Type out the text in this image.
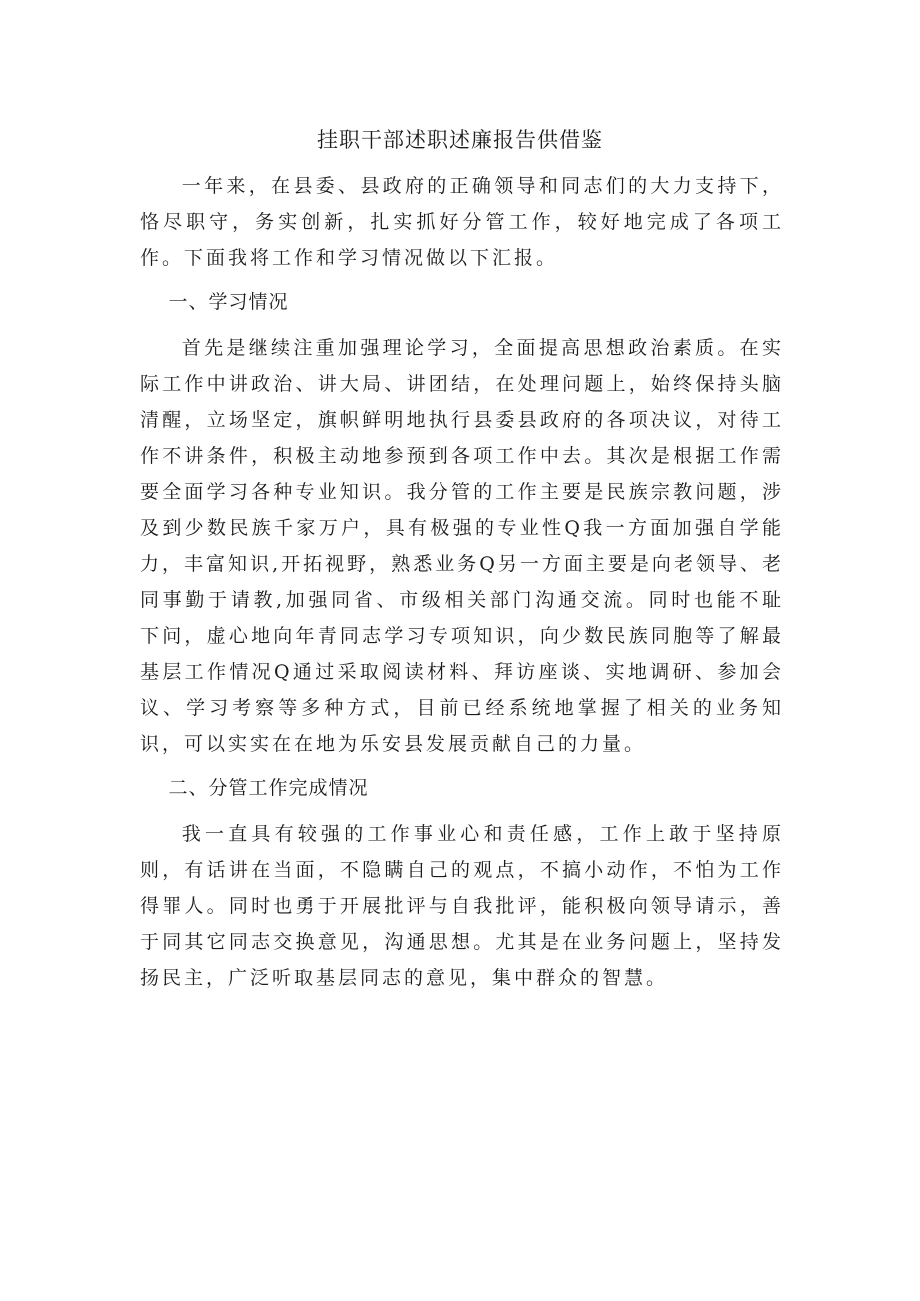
挂职干部述职述廉报告供借鉴

一年来，在县委、县政府的正确领导和同志们的大力支持下，恪尽职守，务实创新，扎实抓好分管工作，较好地完成了各项工作。下面我将工作和学习情况做以下汇报。

一、学习情况

首先是继续注重加强理论学习，全面提高思想政治素质。在实际工作中讲政治、讲大局、讲团结，在处理问题上，始终保持头脑清醒，立场坚定，旗帜鲜明地执行县委县政府的各项决议，对待工作不讲条件，积极主动地参预到各项工作中去。其次是根据工作需要全面学习各种专业知识。我分管的工作主要是民族宗教问题，涉及到少数民族千家万户，具有极强的专业性Q我一方面加强自学能力，丰富知识,开拓视野，熟悉业务Q另一方面主要是向老领导、老同事勤于请教,加强同省、市级相关部门沟通交流。同时也能不耻下问，虚心地向年青同志学习专项知识，向少数民族同胞等了解最基层工作情况Q通过采取阅读材料、拜访座谈、实地调研、参加会议、学习考察等多种方式，目前已经系统地掌握了相关的业务知识，可以实实在在地为乐安县发展贡献自己的力量。

二、分管工作完成情况

我一直具有较强的工作事业心和责任感，工作上敢于坚持原则，有话讲在当面，不隐瞒自己的观点，不搞小动作，不怕为工作得罪人。同时也勇于开展批评与自我批评，能积极向领导请示，善于同其它同志交换意见，沟通思想。尤其是在业务问题上，坚持发扬民主，广泛听取基层同志的意见，集中群众的智慧。
